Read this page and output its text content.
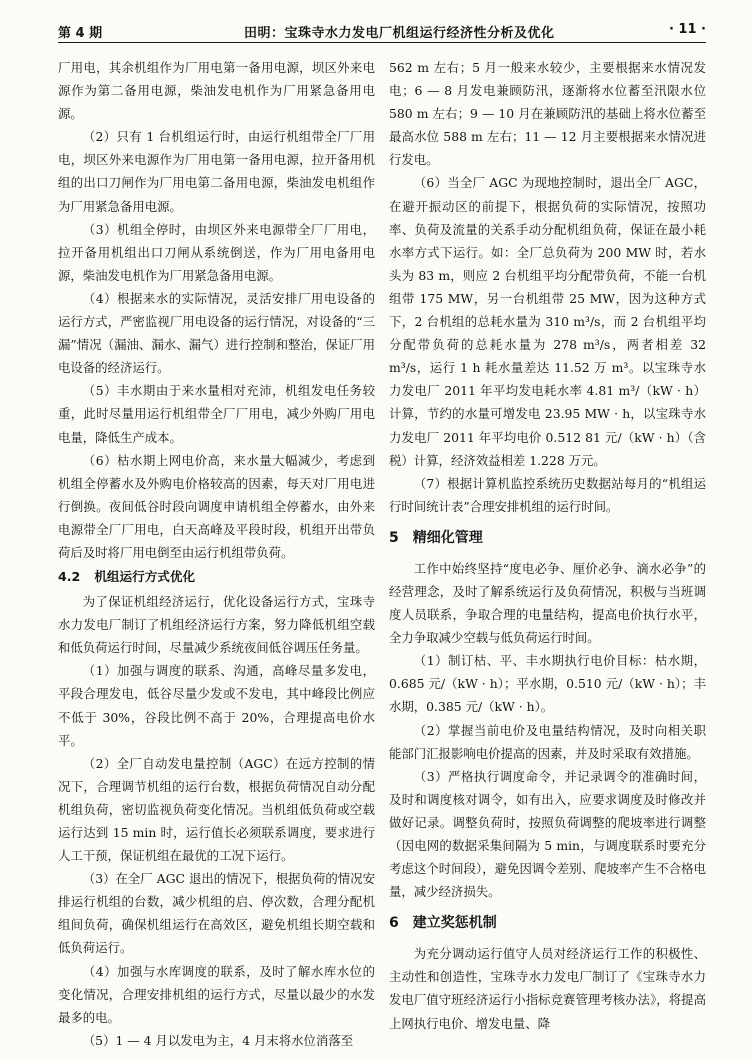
第 4 期	田明：宝珠寺水力发电厂机组运行经济性分析及优化	· 11 ·

厂用电，其余机组作为厂用电第一备用电源，坝区外来电源作为第二备用电源，柴油发电机作为厂用紧急备用电源。

（2）只有 1 台机组运行时，由运行机组带全厂厂用电，坝区外来电源作为厂用电第一备用电源，拉开备用机组的出口刀闸作为厂用电第二备用电源，柴油发电机组作为厂用紧急备用电源。

（3）机组全停时，由坝区外来电源带全厂厂用电，拉开备用机组出口刀闸从系统倒送，作为厂用电备用电源，柴油发电机作为厂用紧急备用电源。

（4）根据来水的实际情况，灵活安排厂用电设备的运行方式，严密监视厂用电设备的运行情况，对设备的“三漏”情况（漏油、漏水、漏气）进行控制和整治，保证厂用电设备的经济运行。

（5）丰水期由于来水量相对充沛，机组发电任务较重，此时尽量用运行机组带全厂厂用电，减少外购厂用电电量，降低生产成本。

（6）枯水期上网电价高，来水量大幅减少，考虑到机组全停蓄水及外购电价格较高的因素，每天对厂用电进行倒换。夜间低谷时段向调度申请机组全停蓄水，由外来电源带全厂厂用电，白天高峰及平段时段，机组开出带负荷后及时将厂用电倒至由运行机组带负荷。

4.2 机组运行方式优化

为了保证机组经济运行，优化设备运行方式，宝珠寺水力发电厂制订了机组经济运行方案，努力降低机组空载和低负荷运行时间，尽量减少系统夜间低谷调压任务量。

（1）加强与调度的联系、沟通，高峰尽量多发电，平段合理发电，低谷尽量少发或不发电，其中峰段比例应不低于 30%，谷段比例不高于 20%，合理提高电价水平。

（2）全厂自动发电量控制（AGC）在远方控制的情况下，合理调节机组的运行台数，根据负荷情况自动分配机组负荷，密切监视负荷变化情况。当机组低负荷或空载运行达到 15 min 时，运行值长必须联系调度，要求进行人工干预，保证机组在最优的工况下运行。

（3）在全厂 AGC 退出的情况下，根据负荷的情况安排运行机组的台数，减少机组的启、停次数，合理分配机组间负荷，确保机组运行在高效区，避免机组长期空载和低负荷运行。

（4）加强与水库调度的联系，及时了解水库水位的变化情况，合理安排机组的运行方式，尽量以最少的水发最多的电。

（5）1 — 4 月以发电为主，4 月末将水位消落至

562 m 左右；5 月一般来水较少，主要根据来水情况发电；6 — 8 月发电兼顾防汛，逐渐将水位蓄至汛限水位 580 m 左右；9 — 10 月在兼顾防汛的基础上将水位蓄至最高水位 588 m 左右；11 — 12 月主要根据来水情况进行发电。

（6）当全厂 AGC 为现地控制时，退出全厂 AGC，在避开振动区的前提下，根据负荷的实际情况，按照功率、负荷及流量的关系手动分配机组负荷，保证在最小耗水率方式下运行。如：全厂总负荷为 200 MW 时，若水头为 83 m，则应 2 台机组平均分配带负荷，不能一台机组带 175 MW，另一台机组带 25 MW，因为这种方式下，2 台机组的总耗水量为 310 m³/s，而 2 台机组平均分配带负荷的总耗水量为 278 m³/s，两者相差 32 m³/s，运行 1 h 耗水量差达 11.52 万 m³。以宝珠寺水力发电厂 2011 年平均发电耗水率 4.81 m³/（kW · h）计算，节约的水量可增发电 23.95 MW · h，以宝珠寺水力发电厂 2011 年平均电价 0.512 81 元/（kW · h）（含税）计算，经济效益相差 1.228 万元。

（7）根据计算机监控系统历史数据站每月的“机组运行时间统计表”合理安排机组的运行时间。

5 精细化管理

工作中始终坚持“度电必争、厘价必争、滴水必争”的经营理念，及时了解系统运行及负荷情况，积极与当班调度人员联系，争取合理的电量结构，提高电价执行水平，全力争取减少空载与低负荷运行时间。

（1）制订枯、平、丰水期执行电价目标：枯水期，0.685 元/（kW · h）；平水期，0.510 元/（kW · h）；丰水期，0.385 元/（kW · h）。

（2）掌握当前电价及电量结构情况，及时向相关职能部门汇报影响电价提高的因素，并及时采取有效措施。

（3）严格执行调度命令，并记录调令的准确时间，及时和调度核对调令，如有出入，应要求调度及时修改并做好记录。调整负荷时，按照负荷调整的爬坡率进行调整（因电网的数据采集间隔为 5 min，与调度联系时要充分考虑这个时间段），避免因调令差别、爬坡率产生不合格电量，减少经济损失。

6 建立奖惩机制

为充分调动运行值守人员对经济运行工作的积极性、主动性和创造性，宝珠寺水力发电厂制订了《宝珠寺水力发电厂值守班经济运行小指标竞赛管理考核办法》，将提高上网执行电价、增发电量、降
